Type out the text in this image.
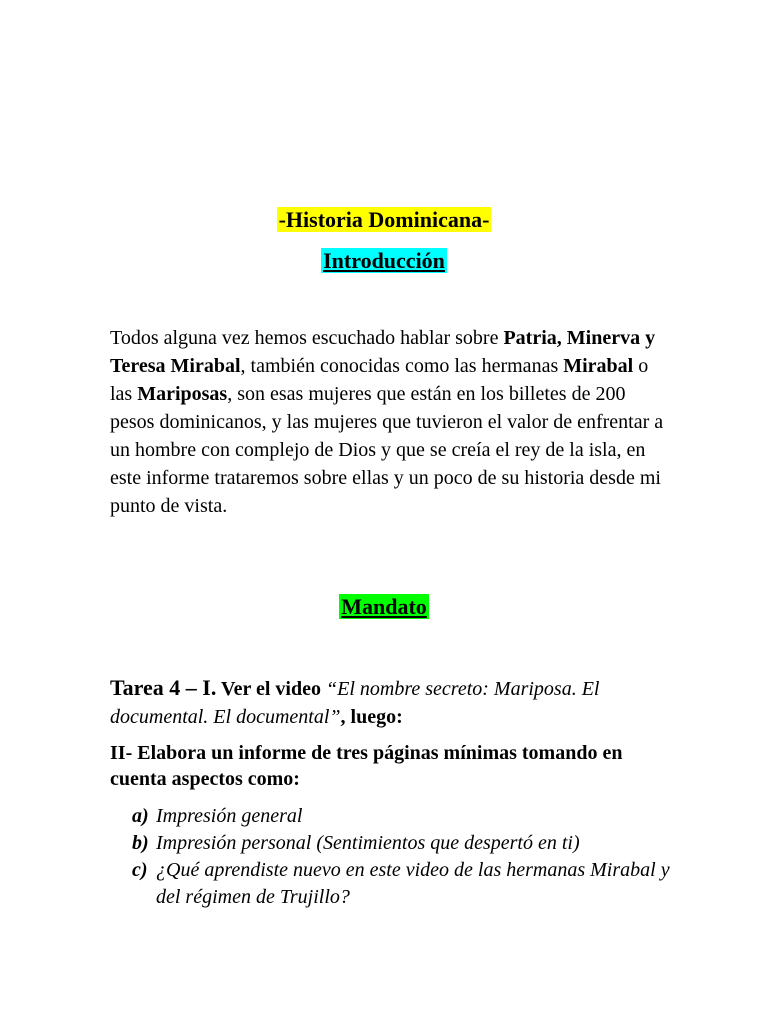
-Historia Dominicana-
Introducción
Todos alguna vez hemos escuchado hablar sobre Patria, Minerva y Teresa Mirabal, también conocidas como las hermanas Mirabal o las Mariposas, son esas mujeres que están en los billetes de 200 pesos dominicanos, y las mujeres que tuvieron el valor de enfrentar a un hombre con complejo de Dios y que se creía el rey de la isla, en este informe trataremos sobre ellas y un poco de su historia desde mi punto de vista.
Mandato
Tarea 4 – I. Ver el video “El nombre secreto: Mariposa. El documental. El documental”, luego:
II- Elabora un informe de tres páginas mínimas tomando en cuenta aspectos como:
a) Impresión general
b) Impresión personal (Sentimientos que despertó en ti)
c) ¿Qué aprendiste nuevo en este video de las hermanas Mirabal y del régimen de Trujillo?
